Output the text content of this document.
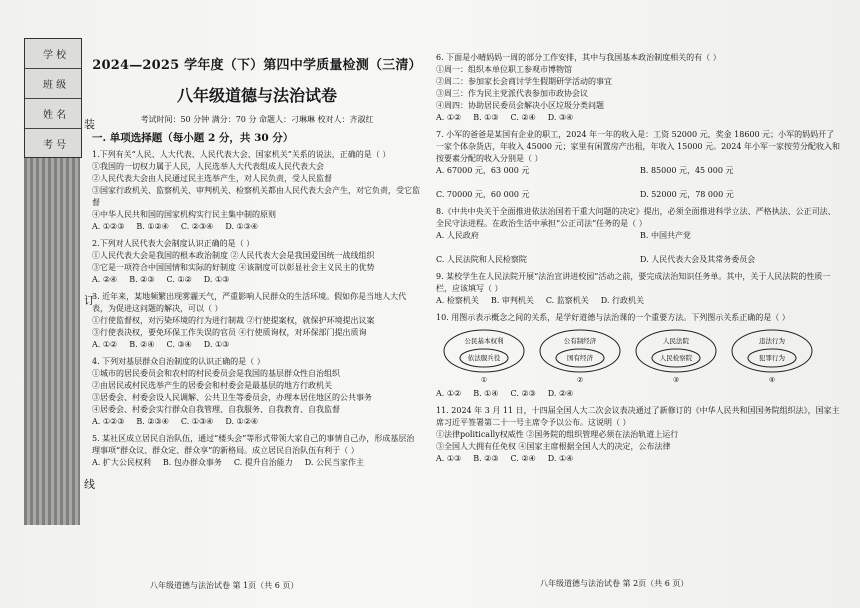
学 校
班 级
姓 名
考 号
装
订
线
2024—2025 学年度（下）第四中学质量检测（三清）
八年级道德与法治试卷
考试时间：50 分钟 满分：70 分 命题人：刁琳琳 校对人：齐淑红
一. 单项选择题（每小题 2 分，共 30 分）

1.下列有关“人民、人大代表、人民代表大会、国家机关”关系的说法，正确的是（ ）

①我国的一切权力属于人民，人民选举人大代表组成人民代表大会

②人民代表大会由人民通过民主选举产生，对人民负责，受人民监督

③国家行政机关、监察机关、审判机关、检察机关都由人民代表大会产生，对它负责，受它监督

④中华人民共和国的国家机构实行民主集中制的原则

A. ①②③ B. ①②④ C. ②③④ D. ①③④

2.下列对人民代表大会制度认识正确的是（ ）

①人民代表大会是我国的根本政治制度 ②人民代表大会是我国爱国统一战线组织

③它是一项符合中国国情和实际的好制度 ④该制度可以彰显社会主义民主的优势

A. ②④ B. ②③ C. ①② D. ①③

3. 近年来，某地频繁出现雾霾天气，严重影响人民群众的生活环境。假如你是当地人大代表，为促进这问题的解决，可以（ ）

①行使监督权，对污染环境的行为进行制裁 ②行使提案权，就保护环境提出议案

③行使表决权，要免环保工作失误的官员 ④行使质询权，对环保部门提出质询

A. ①② B. ②④ C. ③④ D. ①③

4. 下列对基层群众自治制度的认识正确的是（ ）

①城市的居民委员会和农村的村民委员会是我国的基层群众性自治组织

②由居民或村民选举产生的居委会和村委会是最基层的地方行政机关

③居委会、村委会设人民调解、公共卫生等委员会，办理本居住地区的公共事务

④居委会、村委会实行群众自我管理、自我服务、自我教育、自我监督

A. ①②③ B. ②③④ C. ①③④ D. ①②④

5. 某社区成立居民自治队伍，通过“楼头会”等形式带领大家自己的事情自己办，形成基层治理事项“群众议、群众定、群众享”的新格局。成立居民自治队伍有利于（ ）

A. 扩大公民权利 B. 包办群众事务 C. 提升自治能力 D. 公民当家作主

6. 下面是小晴妈妈一周的部分工作安排，其中与我国基本政治制度相关的有（ ）

①周一：组织本单位职工参观市博物馆

②周二：参加家长会商讨学生假期研学活动的事宜

③周三：作为民主党派代表参加市政协会议

④周四：协助居民委员会解决小区垃圾分类问题

A. ①② B. ①③ C. ②④ D. ③④

7. 小军的爸爸是某国有企业的职工，2024 年一年的收入是：工资 52000 元，奖金 18600 元；小军的妈妈开了一家个体杂货店，年收入 45000 元；家里有闲置房产出租，年收入 15000 元。2024 年小军一家按劳分配收入和按要素分配的收入分别是（ ）

A. 67000 元，63 000 元	B. 85000 元，45 000 元
C. 70000 元，60 000 元	D. 52000 元，78 000 元

8.《中共中央关于全面推进依法治国若干重大问题的决定》提出，必须全面推进科学立法、严格执法、公正司法、全民守法进程。在政治生活中承担“公正司法”任务的是（ ）

A. 人民政府	B. 中国共产党
C. 人民法院和人民检察院	D. 人民代表大会及其常务委员会

9. 某校学生在人民法院开展“法治宣讲进校园”活动之前，要完成法治知识任务单。其中，关于人民法院的性质一栏，应该填写（ ）

A. 检察机关 B. 审判机关 C. 监察机关 D. 行政机关

10. 用图示表示概念之间的关系，是学好道德与法治课的一个重要方法。下列图示关系正确的是（ ）

公民基本权利
依法服兵役
①
公有制经济
国有经济
②
人民法院
人民检察院
③
违法行为
犯罪行为
④
A. ①② B. ①④ C. ②③ D. ②④

11. 2024 年 3 月 11 日，十四届全国人大二次会议表决通过了新修订的《中华人民共和国国务院组织法》，国家主席习近平签署第二十一号主席令予以公布。这说明（ ）

①法律politically权威性 ②国务院的组织管理必须在法治轨道上运行

③全国人大拥有任免权 ④国家主席根据全国人大的决定，公布法律

A. ①③ B. ②③ C. ②④ D. ①④
八年级道德与法治试卷 第 1页（共 6 页）	八年级道德与法治试卷 第 2页（共 6 页）
